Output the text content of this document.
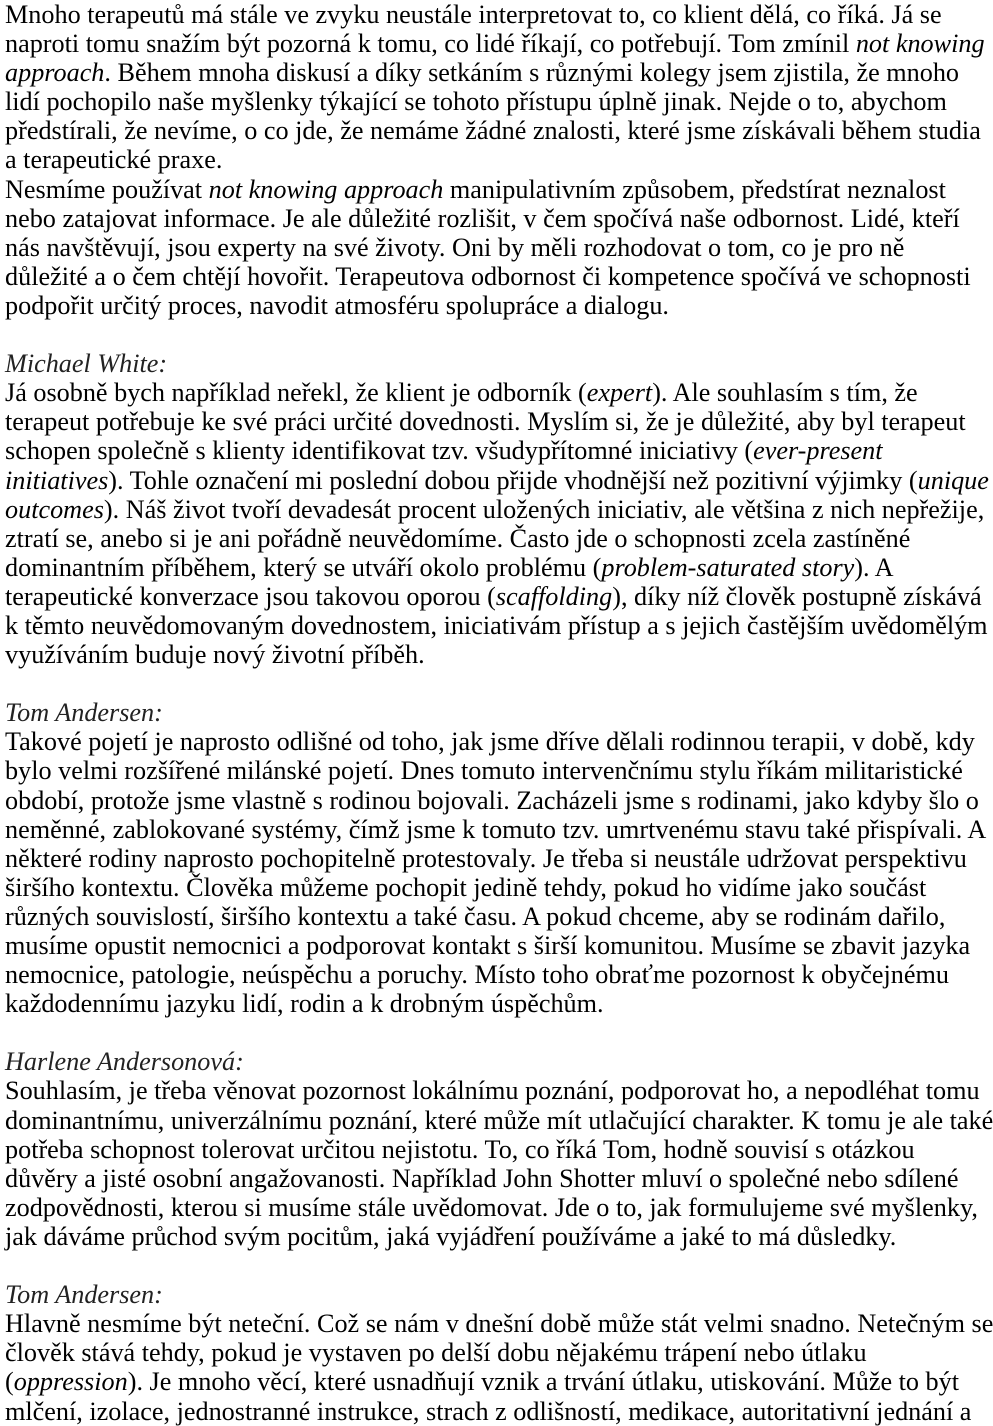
Mnoho terapeutů má stále ve zvyku neustále interpretovat to, co klient dělá, co říká. Já se
naproti tomu snažím být pozorná k tomu, co lidé říkají, co potřebují. Tom zmínil not knowing
approach. Během mnoha diskusí a díky setkáním s různými kolegy jsem zjistila, že mnoho
lidí pochopilo naše myšlenky týkající se tohoto přístupu úplně jinak. Nejde o to, abychom
předstírali, že nevíme, o co jde, že nemáme žádné znalosti, které jsme získávali během studia
a terapeutické praxe.
Nesmíme používat not knowing approach manipulativním způsobem, předstírat neznalost
nebo zatajovat informace. Je ale důležité rozlišit, v čem spočívá naše odbornost. Lidé, kteří
nás navštěvují, jsou experty na své životy. Oni by měli rozhodovat o tom, co je pro ně
důležité a o čem chtějí hovořit. Terapeutova odbornost či kompetence spočívá ve schopnosti
podpořit určitý proces, navodit atmosféru spolupráce a dialogu.
Michael White:
Já osobně bych například neřekl, že klient je odborník (expert). Ale souhlasím s tím, že
terapeut potřebuje ke své práci určité dovednosti. Myslím si, že je důležité, aby byl terapeut
schopen společně s klienty identifikovat tzv. všudypřítomné iniciativy (ever-present
initiatives). Tohle označení mi poslední dobou přijde vhodnější než pozitivní výjimky (unique
outcomes). Náš život tvoří devadesát procent uložených iniciativ, ale většina z nich nepřežije,
ztratí se, anebo si je ani pořádně neuvědomíme. Často jde o schopnosti zcela zastíněné
dominantním příběhem, který se utváří okolo problému (problem-saturated story). A
terapeutické konverzace jsou takovou oporou (scaffolding), díky níž člověk postupně získává
k těmto neuvědomovaným dovednostem, iniciativám přístup a s jejich častějším uvědomělým
využíváním buduje nový životní příběh.
Tom Andersen:
Takové pojetí je naprosto odlišné od toho, jak jsme dříve dělali rodinnou terapii, v době, kdy
bylo velmi rozšířené milánské pojetí. Dnes tomuto intervenčnímu stylu říkám militaristické
období, protože jsme vlastně s rodinou bojovali. Zacházeli jsme s rodinami, jako kdyby šlo o
neměnné, zablokované systémy, čímž jsme k tomuto tzv. umrtvenému stavu také přispívali. A
některé rodiny naprosto pochopitelně protestovaly. Je třeba si neustále udržovat perspektivu
širšího kontextu. Člověka můžeme pochopit jedině tehdy, pokud ho vidíme jako součást
různých souvislostí, širšího kontextu a také času. A pokud chceme, aby se rodinám dařilo,
musíme opustit nemocnici a podporovat kontakt s širší komunitou. Musíme se zbavit jazyka
nemocnice, patologie, neúspěchu a poruchy. Místo toho obraťme pozornost k obyčejnému
každodennímu jazyku lidí, rodin a k drobným úspěchům.
Harlene Andersonová:
Souhlasím, je třeba věnovat pozornost lokálnímu poznání, podporovat ho, a nepodléhat tomu
dominantnímu, univerzálnímu poznání, které může mít utlačující charakter. K tomu je ale také
potřeba schopnost tolerovat určitou nejistotu. To, co říká Tom, hodně souvisí s otázkou
důvěry a jisté osobní angažovanosti. Například John Shotter mluví o společné nebo sdílené
zodpovědnosti, kterou si musíme stále uvědomovat. Jde o to, jak formulujeme své myšlenky,
jak dáváme průchod svým pocitům, jaká vyjádření používáme a jaké to má důsledky.
Tom Andersen:
Hlavně nesmíme být neteční. Což se nám v dnešní době může stát velmi snadno. Netečným se
člověk stává tehdy, pokud je vystaven po delší dobu nějakému trápení nebo útlaku
(oppression). Je mnoho věcí, které usnadňují vznik a trvání útlaku, utiskování. Může to být
mlčení, izolace, jednostranné instrukce, strach z odlišností, medikace, autoritativní jednání a
